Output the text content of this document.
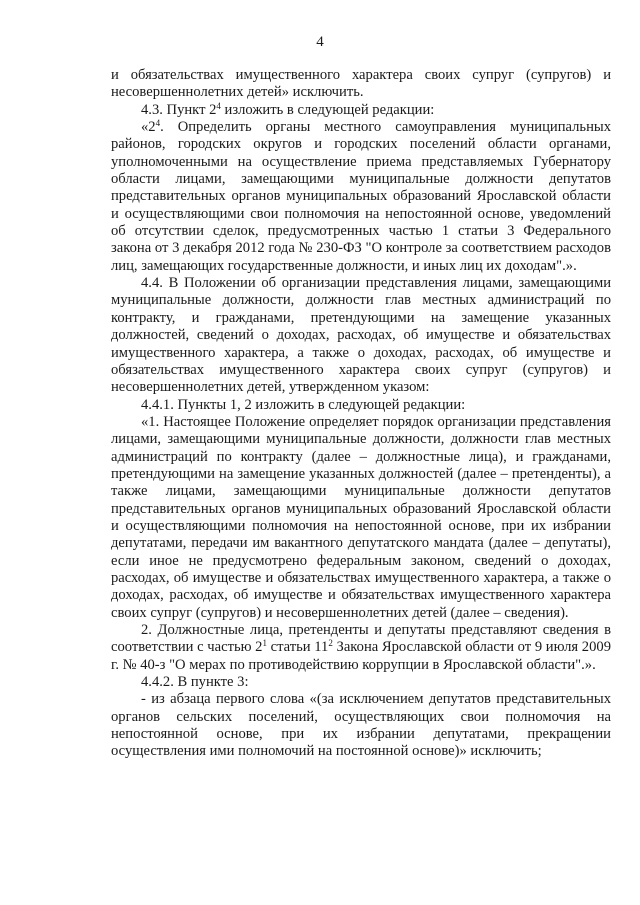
4

и обязательствах имущественного характера своих супруг (супругов) и несовершеннолетних детей» исключить.

4.3. Пункт $2^4$ изложить в следующей редакции:

«$2^4$. Определить органы местного самоуправления муниципальных районов, городских округов и городских поселений области органами, уполномоченными на осуществление приема представляемых Губернатору области лицами, замещающими муниципальные должности депутатов представительных органов муниципальных образований Ярославской области и осуществляющими свои полномочия на непостоянной основе, уведомлений об отсутствии сделок, предусмотренных частью 1 статьи 3 Федерального закона от 3 декабря 2012 года № 230-ФЗ "О контроле за соответствием расходов лиц, замещающих государственные должности, и иных лиц их доходам".».

4.4. В Положении об организации представления лицами, замещающими муниципальные должности, должности глав местных администраций по контракту, и гражданами, претендующими на замещение указанных должностей, сведений о доходах, расходах, об имуществе и обязательствах имущественного характера, а также о доходах, расходах, об имуществе и обязательствах имущественного характера своих супруг (супругов) и несовершеннолетних детей, утвержденном указом:

4.4.1. Пункты 1, 2 изложить в следующей редакции:

«1. Настоящее Положение определяет порядок организации представления лицами, замещающими муниципальные должности, должности глав местных администраций по контракту (далее – должностные лица), и гражданами, претендующими на замещение указанных должностей (далее – претенденты), а также лицами, замещающими муниципальные должности депутатов представительных органов муниципальных образований Ярославской области и осуществляющими полномочия на непостоянной основе, при их избрании депутатами, передачи им вакантного депутатского мандата (далее – депутаты), если иное не предусмотрено федеральным законом, сведений о доходах, расходах, об имуществе и обязательствах имущественного характера, а также о доходах, расходах, об имуществе и обязательствах имущественного характера своих супруг (супругов) и несовершеннолетних детей (далее – сведения).

2. Должностные лица, претенденты и депутаты представляют сведения в соответствии с частью $2^1$ статьи $11^2$ Закона Ярославской области от 9 июля 2009 г. № 40-з "О мерах по противодействию коррупции в Ярославской области".».

4.4.2. В пункте 3:

- из абзаца первого слова «(за исключением депутатов представительных органов сельских поселений, осуществляющих свои полномочия на непостоянной основе, при их избрании депутатами, прекращении осуществления ими полномочий на постоянной основе)» исключить;
